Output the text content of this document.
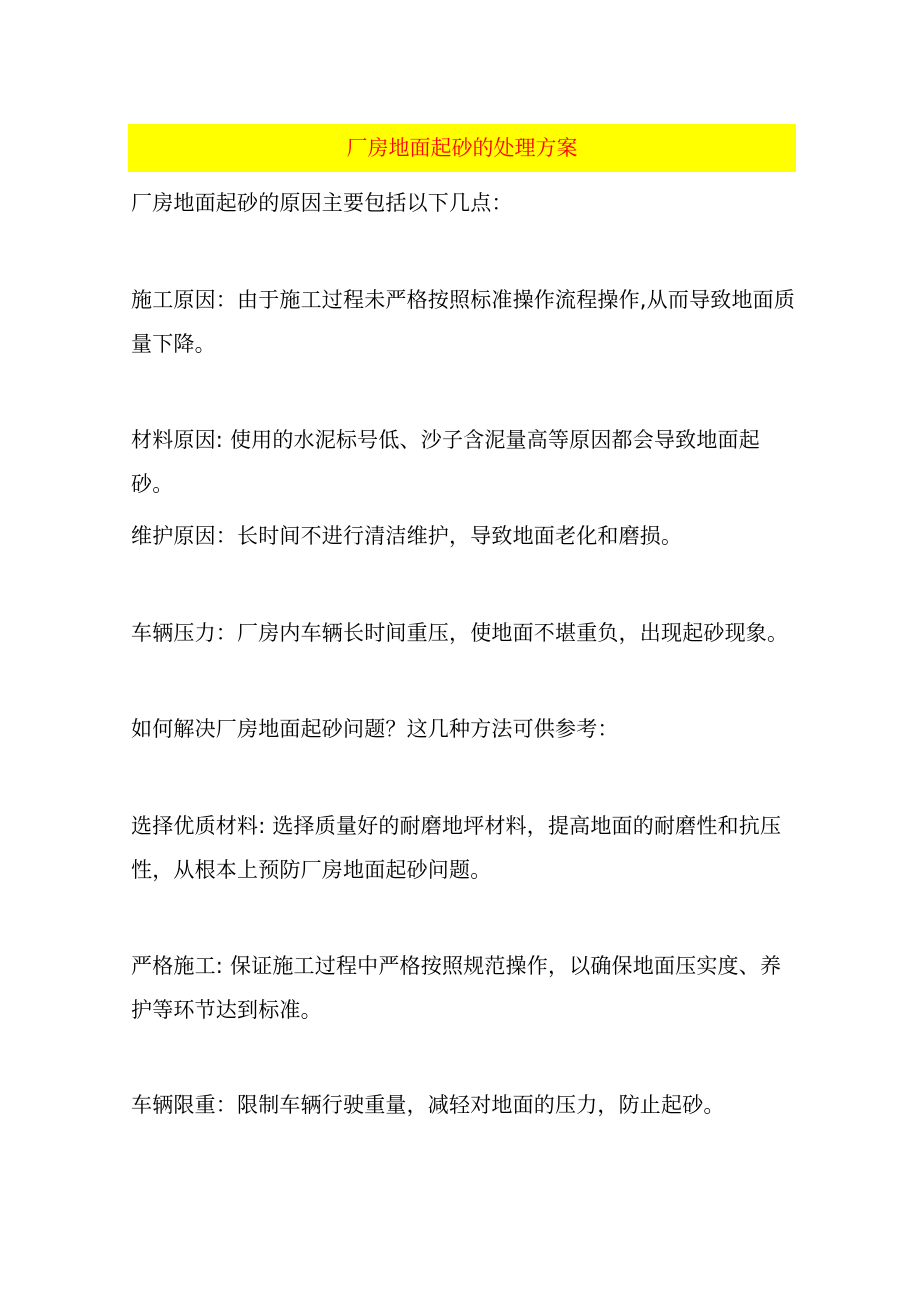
厂房地面起砂的处理方案

厂房地面起砂的原因主要包括以下几点：

施工原因：由于施工过程未严格按照标准操作流程操作,从而导致地面质量下降。

材料原因: 使用的水泥标号低、沙子含泥量高等原因都会导致地面起砂。

维护原因：长时间不进行清洁维护，导致地面老化和磨损。

车辆压力：厂房内车辆长时间重压，使地面不堪重负，出现起砂现象。

如何解决厂房地面起砂问题？这几种方法可供参考：

选择优质材料: 选择质量好的耐磨地坪材料，提高地面的耐磨性和抗压性，从根本上预防厂房地面起砂问题。

严格施工: 保证施工过程中严格按照规范操作，以确保地面压实度、养护等环节达到标准。

车辆限重：限制车辆行驶重量，减轻对地面的压力，防止起砂。
